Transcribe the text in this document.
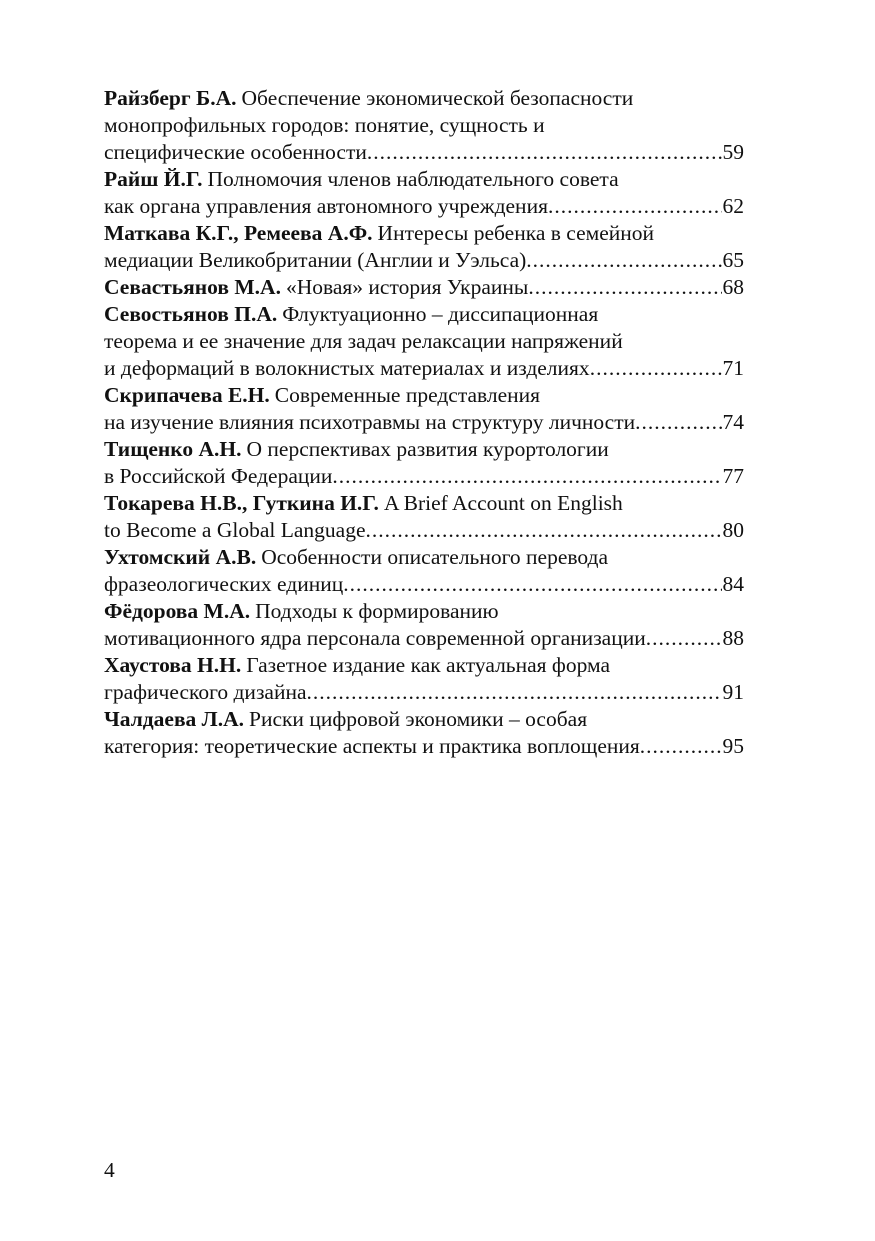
Райзберг Б.А. Обеспечение экономической безопасности
монопрофильных городов: понятие, сущность и
специфические особенности .....	59
Райш Й.Г. Полномочия членов наблюдательного совета
как органа управления автономного учреждения .....	62
Маткава К.Г., Ремеева А.Ф. Интересы ребенка в семейной
медиации Великобритании (Англии и Уэльса) .....	65
Севастьянов М.А. «Новая» история Украины .....	68
Севостьянов П.А. Флуктуационно – диссипационная
теорема и ее значение для задач релаксации напряжений
и деформаций в волокнистых материалах и изделиях .....	71
Скрипачева Е.Н. Современные представления
на изучение влияния психотравмы на структуру личности .....	74
Тищенко А.Н. О перспективах развития курортологии
в Российской Федерации .....	77
Токарева Н.В., Гуткина И.Г. A Brief Account on English
to Become a Global Language .....	80
Ухтомский А.В. Особенности описательного перевода
фразеологических единиц .....	84
Фёдорова М.А. Подходы к формированию
мотивационного ядра персонала современной организации .....	88
Хаустова Н.Н. Газетное издание как актуальная форма
графического дизайна .....	91
Чалдаева Л.А. Риски цифровой экономики – особая
категория: теоретические аспекты и практика воплощения .....	95
4
